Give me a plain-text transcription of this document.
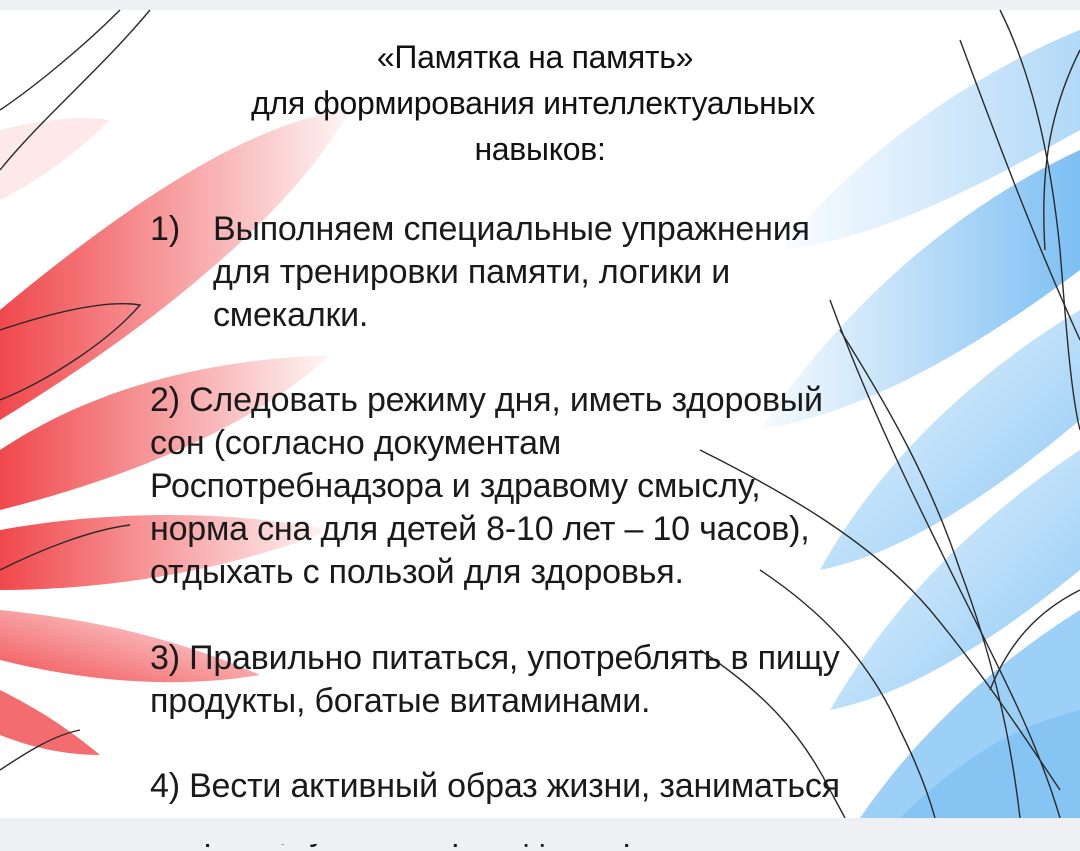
«Памятка на память»
для формирования интеллектуальных
навыков:
1) Выполняем специальные упражнения
для тренировки памяти, логики и
смекалки.
2) Следовать режиму дня, иметь здоровый
сон (согласно документам
Роспотребнадзора и здравому смыслу,
норма сна для детей 8-10 лет – 10 часов),
отдыхать с пользой для здоровья.
3) Правильно питаться, употреблять в пищу
продукты, богатые витаминами.
4) Вести активный образ жизни, заниматься
